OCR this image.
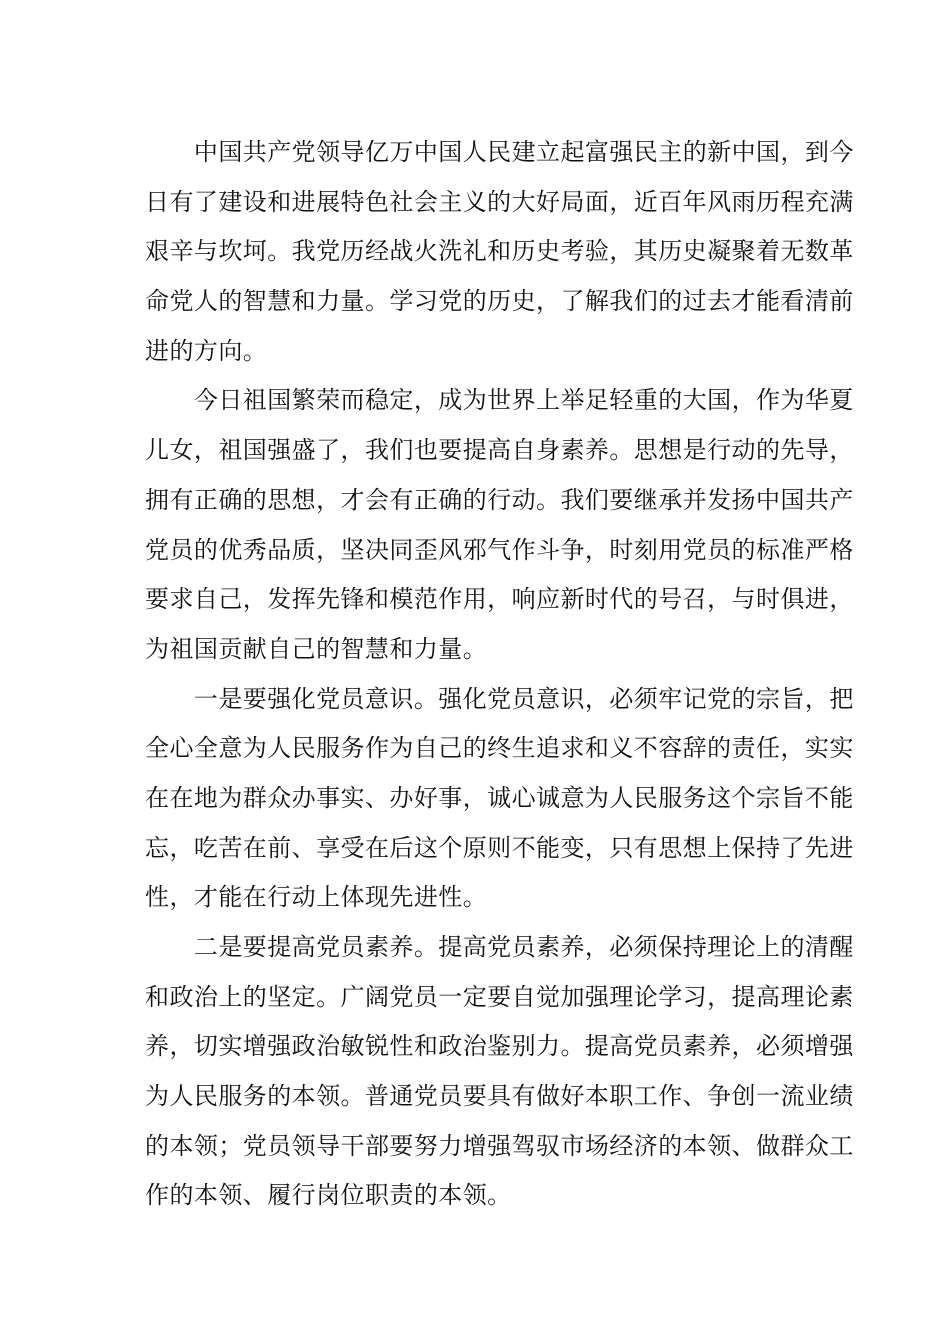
中国共产党领导亿万中国人民建立起富强民主的新中国，到今
日有了建设和进展特色社会主义的大好局面，近百年风雨历程充满
艰辛与坎坷。我党历经战火洗礼和历史考验，其历史凝聚着无数革
命党人的智慧和力量。学习党的历史，了解我们的过去才能看清前
进的方向。
今日祖国繁荣而稳定，成为世界上举足轻重的大国，作为华夏
儿女，祖国强盛了，我们也要提高自身素养。思想是行动的先导，
拥有正确的思想，才会有正确的行动。我们要继承并发扬中国共产
党员的优秀品质，坚决同歪风邪气作斗争，时刻用党员的标准严格
要求自己，发挥先锋和模范作用，响应新时代的号召，与时俱进，
为祖国贡献自己的智慧和力量。
一是要强化党员意识。强化党员意识，必须牢记党的宗旨，把
全心全意为人民服务作为自己的终生追求和义不容辞的责任，实实
在在地为群众办事实、办好事，诚心诚意为人民服务这个宗旨不能
忘，吃苦在前、享受在后这个原则不能变，只有思想上保持了先进
性，才能在行动上体现先进性。
二是要提高党员素养。提高党员素养，必须保持理论上的清醒
和政治上的坚定。广阔党员一定要自觉加强理论学习，提高理论素
养，切实增强政治敏锐性和政治鉴别力。提高党员素养，必须增强
为人民服务的本领。普通党员要具有做好本职工作、争创一流业绩
的本领；党员领导干部要努力增强驾驭市场经济的本领、做群众工
作的本领、履行岗位职责的本领。
